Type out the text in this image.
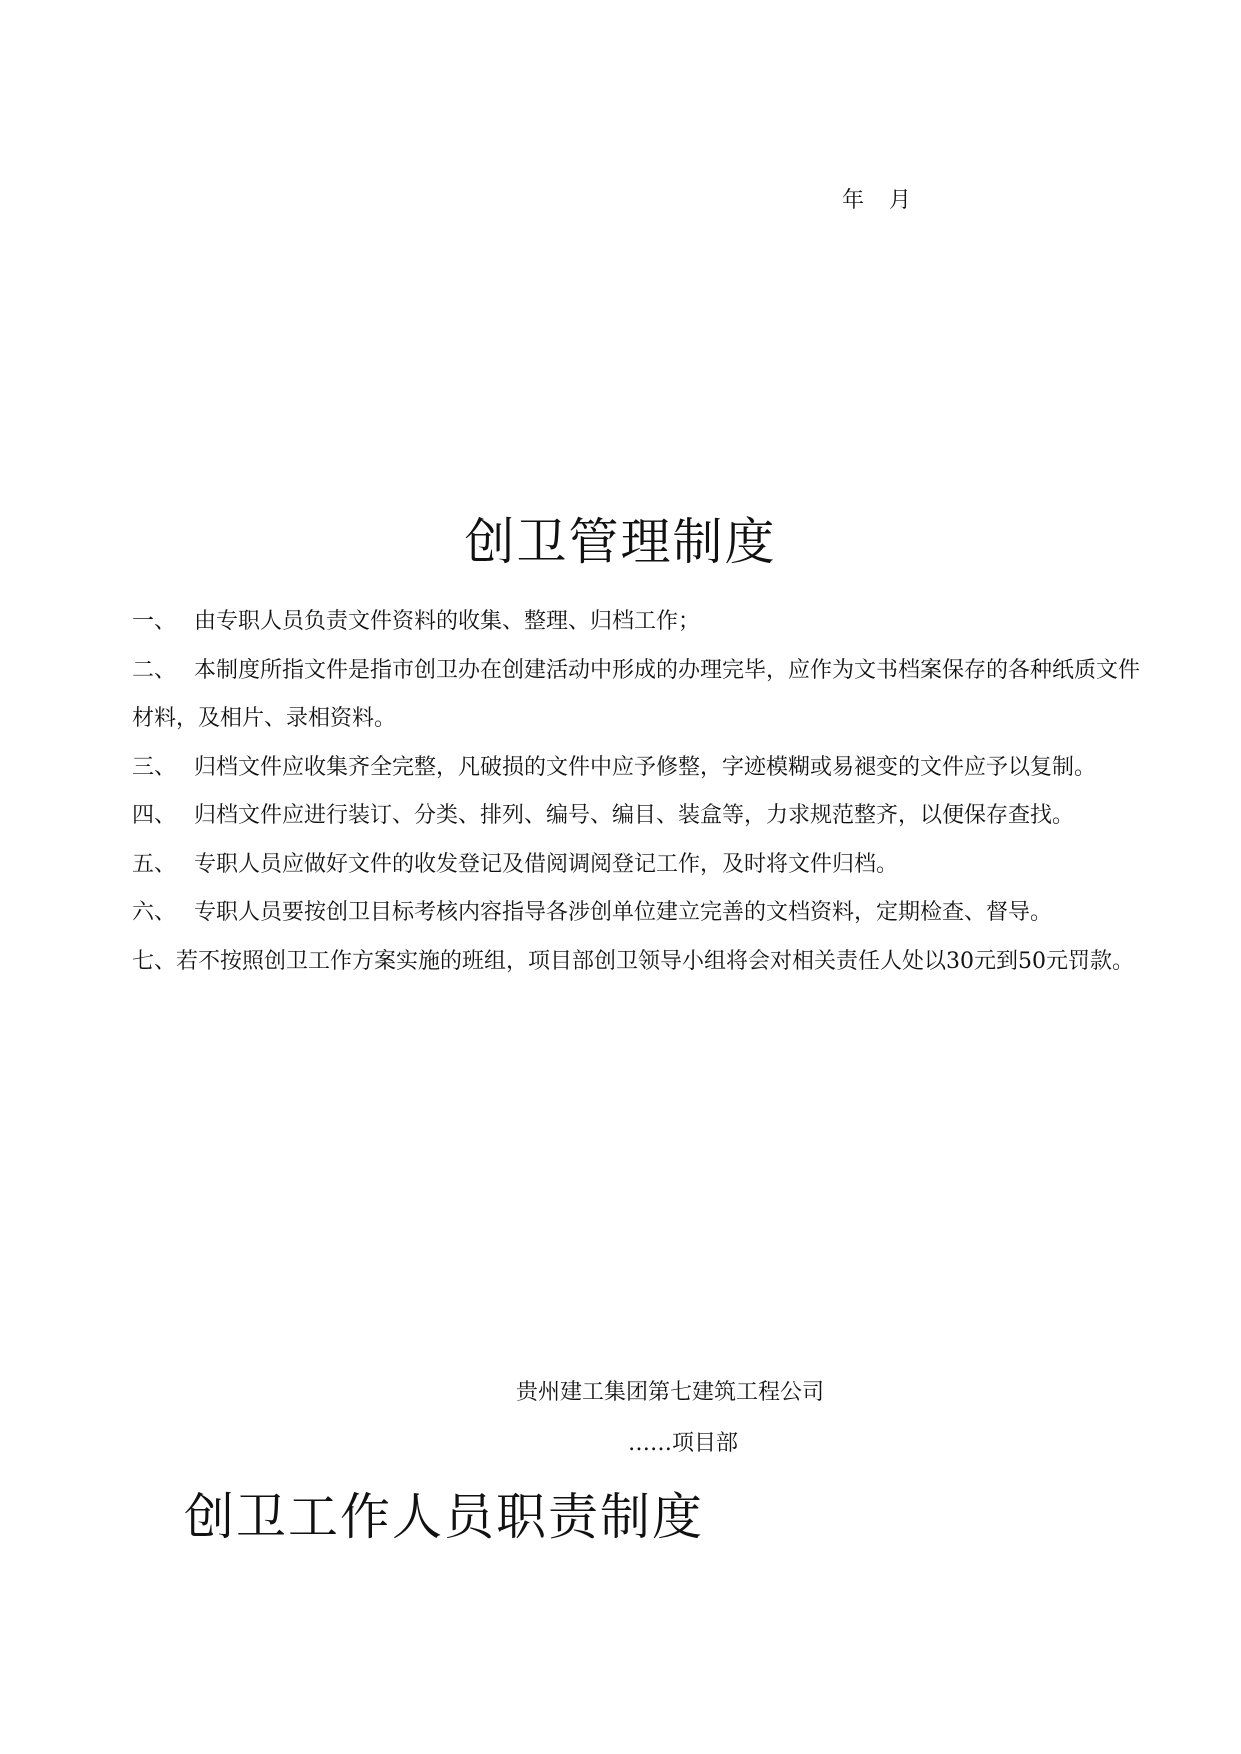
年 月

创卫管理制度

一、 由专职人员负责文件资料的收集、整理、归档工作；

二、 本制度所指文件是指市创卫办在创建活动中形成的办理完毕，应作为文书档案保存的各种纸质文件材料，及相片、录相资料。

三、 归档文件应收集齐全完整，凡破损的文件中应予修整，字迹模糊或易褪变的文件应予以复制。

四、 归档文件应进行装订、分类、排列、编号、编目、装盒等，力求规范整齐，以便保存查找。

五、 专职人员应做好文件的收发登记及借阅调阅登记工作，及时将文件归档。

六、 专职人员要按创卫目标考核内容指导各涉创单位建立完善的文档资料，定期检查、督导。

七、若不按照创卫工作方案实施的班组，项目部创卫领导小组将会对相关责任人处以30元到50元罚款。

贵州建工集团第七建筑工程公司
……项目部
创卫工作人员职责制度
